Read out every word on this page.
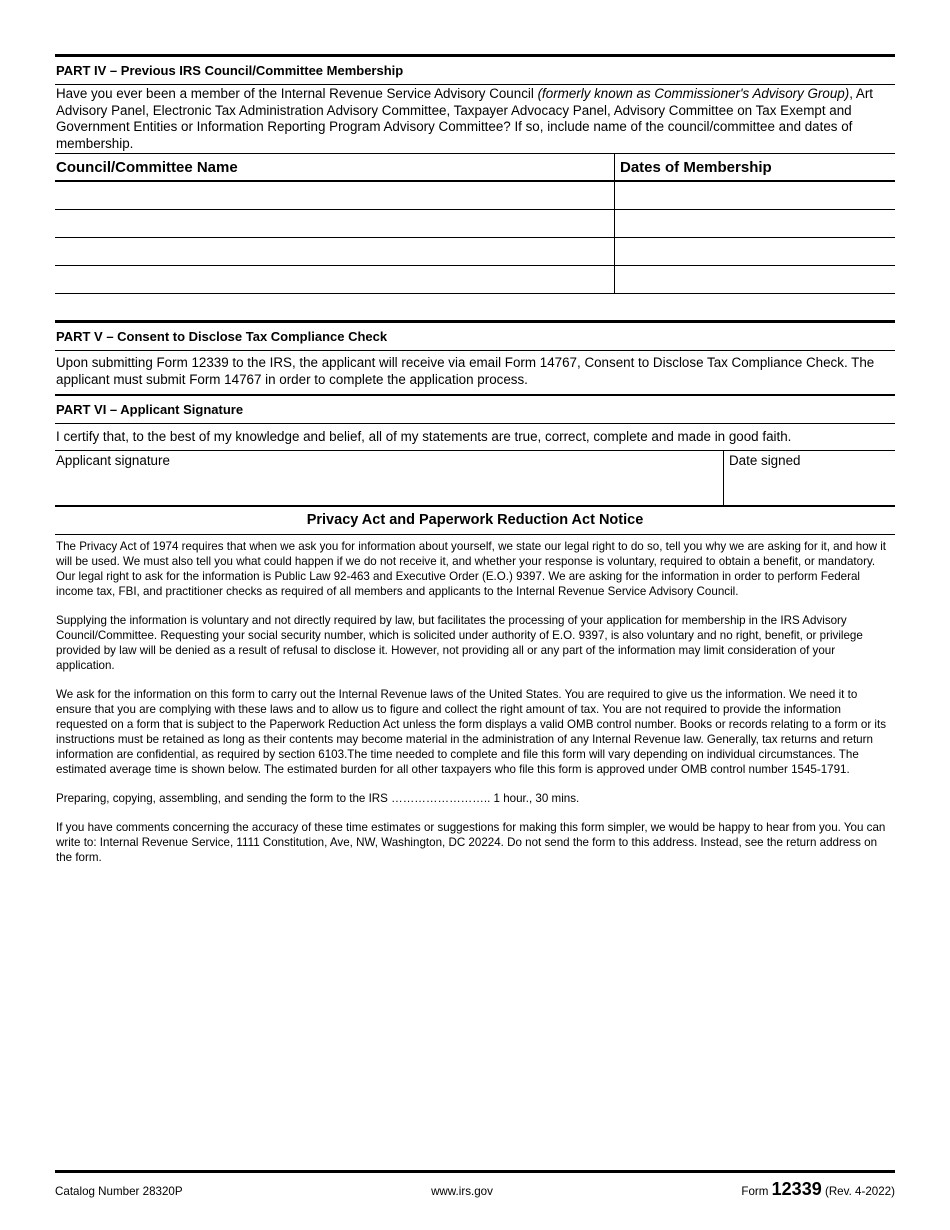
PART IV – Previous IRS Council/Committee Membership
Have you ever been a member of the Internal Revenue Service Advisory Council (formerly known as Commissioner's Advisory Group), Art Advisory Panel, Electronic Tax Administration Advisory Committee, Taxpayer Advocacy Panel, Advisory Committee on Tax Exempt and Government Entities or Information Reporting Program Advisory Committee? If so, include name of the council/committee and dates of membership.
Council/Committee Name	Dates of Membership

PART V – Consent to Disclose Tax Compliance Check
Upon submitting Form 12339 to the IRS, the applicant will receive via email Form 14767, Consent to Disclose Tax Compliance Check. The applicant must submit Form 14767 in order to complete the application process.
PART VI – Applicant Signature
I certify that, to the best of my knowledge and belief, all of my statements are true, correct, complete and made in good faith.
Applicant signature	Date signed
Privacy Act and Paperwork Reduction Act Notice

The Privacy Act of 1974 requires that when we ask you for information about yourself, we state our legal right to do so, tell you why we are asking for it, and how it will be used. We must also tell you what could happen if we do not receive it, and whether your response is voluntary, required to obtain a benefit, or mandatory. Our legal right to ask for the information is Public Law 92-463 and Executive Order (E.O.) 9397. We are asking for the information in order to perform Federal income tax, FBI, and practitioner checks as required of all members and applicants to the Internal Revenue Service Advisory Council.

Supplying the information is voluntary and not directly required by law, but facilitates the processing of your application for membership in the IRS Advisory Council/Committee. Requesting your social security number, which is solicited under authority of E.O. 9397, is also voluntary and no right, benefit, or privilege provided by law will be denied as a result of refusal to disclose it. However, not providing all or any part of the information may limit consideration of your application.

We ask for the information on this form to carry out the Internal Revenue laws of the United States. You are required to give us the information. We need it to ensure that you are complying with these laws and to allow us to figure and collect the right amount of tax. You are not required to provide the information requested on a form that is subject to the Paperwork Reduction Act unless the form displays a valid OMB control number. Books or records relating to a form or its instructions must be retained as long as their contents may become material in the administration of any Internal Revenue law. Generally, tax returns and return information are confidential, as required by section 6103.The time needed to complete and file this form will vary depending on individual circumstances. The estimated average time is shown below. The estimated burden for all other taxpayers who file this form is approved under OMB control number 1545-1791.

Preparing, copying, assembling, and sending the form to the IRS …………………….. 1 hour., 30 mins.

If you have comments concerning the accuracy of these time estimates or suggestions for making this form simpler, we would be happy to hear from you. You can write to: Internal Revenue Service, 1111 Constitution, Ave, NW, Washington, DC 20224. Do not send the form to this address. Instead, see the return address on the form.

Catalog Number 28320P	www.irs.gov	Form 12339 (Rev. 4-2022)
